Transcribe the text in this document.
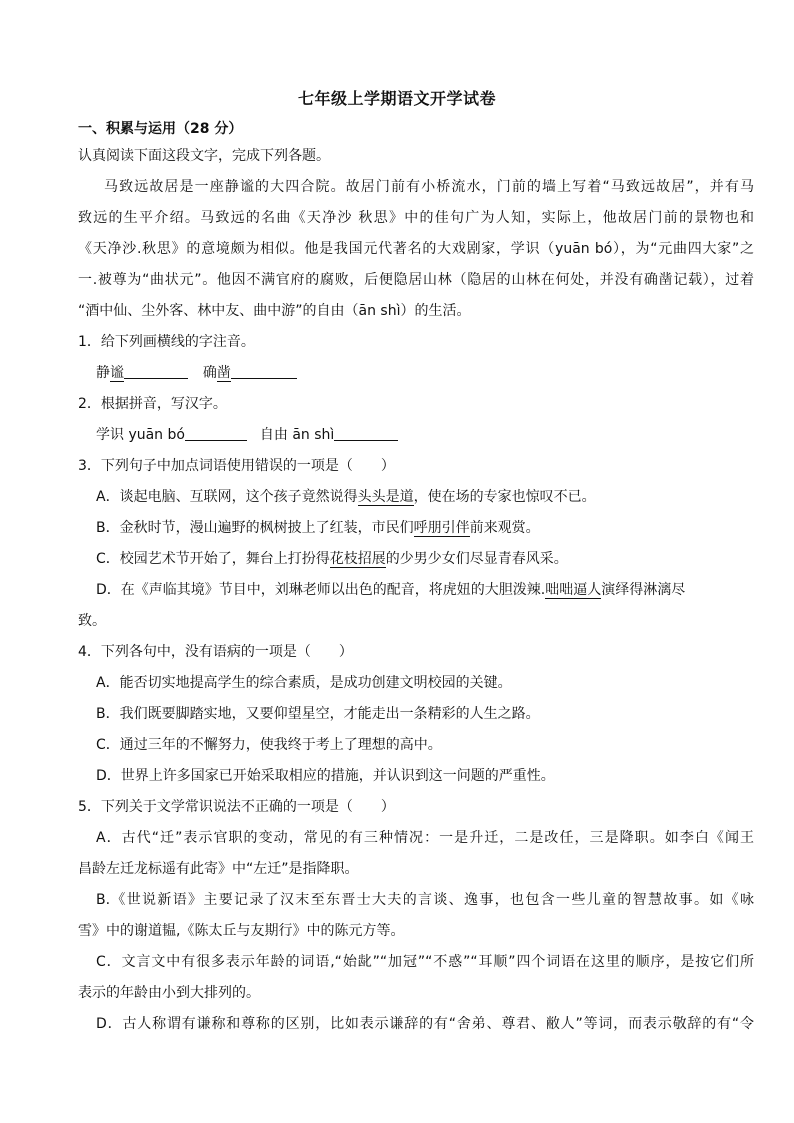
七年级上学期语文开学试卷
一、积累与运用（28 分）
认真阅读下面这段文字，完成下列各题。
马致远故居是一座静谧的大四合院。故居门前有小桥流水，门前的墙上写着“马致远故居”，并有马
致远的生平介绍。马致远的名曲《天净沙 秋思》中的佳句广为人知，实际上，他故居门前的景物也和
《天净沙.秋思》的意境颇为相似。他是我国元代著名的大戏剧家，学识（yuān bó），为“元曲四大家”之
一.被尊为“曲状元”。他因不满官府的腐败，后便隐居山林（隐居的山林在何处，并没有确凿记载），过着
“酒中仙、尘外客、林中友、曲中游”的自由（ān shì）的生活。
1．给下列画横线的字注音。
静谧	确凿
2．根据拼音，写汉字。
学识 yuān bó	自由 ān shì
3．下列句子中加点词语使用错误的一项是（　　）
A．谈起电脑、互联网，这个孩子竟然说得头头是道，使在场的专家也惊叹不已。
B．金秋时节，漫山遍野的枫树披上了红装，市民们呼朋引伴前来观赏。
C．校园艺术节开始了，舞台上打扮得花枝招展的少男少女们尽显青春风采。
D．在《声临其境》节目中，刘琳老师以出色的配音，将虎妞的大胆泼辣.咄咄逼人演绎得淋漓尽
致。
4．下列各句中，没有语病的一项是（　　）
A．能否切实地提高学生的综合素质，是成功创建文明校园的关键。
B．我们既要脚踏实地，又要仰望星空，才能走出一条精彩的人生之路。
C．通过三年的不懈努力，使我终于考上了理想的高中。
D．世界上许多国家已开始采取相应的措施，并认识到这一问题的严重性。
5．下列关于文学常识说法不正确的一项是（　　）
A．古代“迁”表示官职的变动，常见的有三种情况：一是升迁，二是改任，三是降职。如李白《闻王
昌龄左迁龙标遥有此寄》中“左迁”是指降职。
B.《世说新语》主要记录了汉末至东晋士大夫的言谈、逸事，也包含一些儿童的智慧故事。如《咏
雪》中的谢道韫,《陈太丘与友期行》中的陈元方等。
C．文言文中有很多表示年龄的词语,“始龀”“加冠”“不惑”“耳顺”四个词语在这里的顺序，是按它们所
表示的年龄由小到大排列的。
D．古人称谓有谦称和尊称的区别，比如表示谦辞的有“舍弟、尊君、敝人”等词，而表示敬辞的有“令
